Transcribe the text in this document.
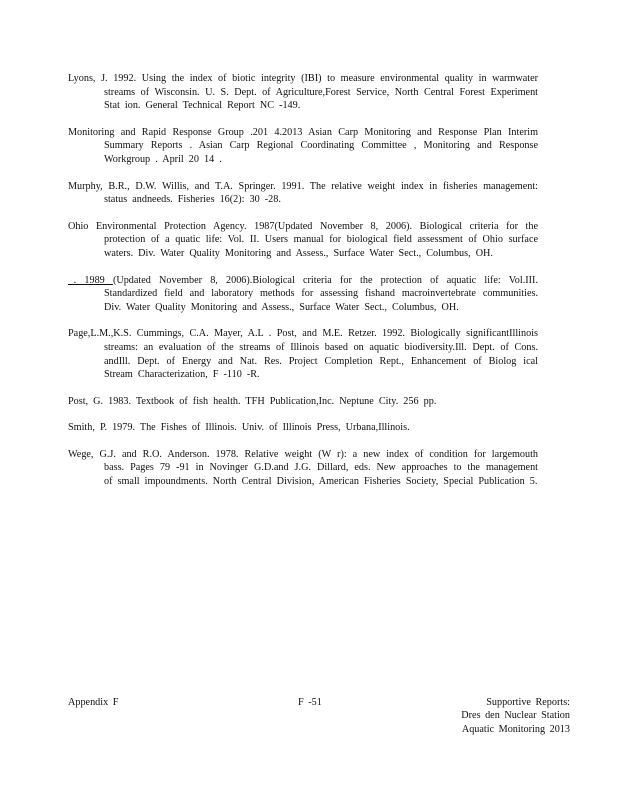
Lyons, J. 1992. Using the index of biotic integrity (IBI) to measure environmental quality in warmwater streams of Wisconsin. U. S. Dept. of Agriculture,Forest Service, North Central Forest Experiment Stat ion. General Technical Report NC -149.

Monitoring and Rapid Response Group .201 4.2013 Asian Carp Monitoring and Response Plan Interim Summary Reports . Asian Carp Regional Coordinating Committee , Monitoring and Response Workgroup . April 20 14 .

Murphy, B.R., D.W. Willis, and T.A. Springer. 1991. The relative weight index in fisheries management: status andneeds. Fisheries 16(2): 30 -28.

Ohio Environmental Protection Agency. 1987(Updated November 8, 2006). Biological criteria for the protection of a quatic life: Vol. II. Users manual for biological field assessment of Ohio surface waters. Div. Water Quality Monitoring and Assess., Surface Water Sect., Columbus, OH.

. 1989 (Updated November 8, 2006).Biological criteria for the protection of aquatic life: Vol.III. Standardized field and laboratory methods for assessing fishand macroinvertebrate communities. Div. Water Quality Monitoring and Assess., Surface Water Sect., Columbus, OH.

Page,L.M.,K.S. Cummings, C.A. Mayer, A.L . Post, and M.E. Retzer. 1992. Biologically significantIllinois streams: an evaluation of the streams of Illinois based on aquatic biodiversity.Ill. Dept. of Cons. andIll. Dept. of Energy and Nat. Res. Project Completion Rept., Enhancement of Biolog ical Stream Characterization, F -110 -R.

Post, G. 1983. Textbook of fish health. TFH Publication,Inc. Neptune City. 256 pp.

Smith, P. 1979. The Fishes of Illinois. Univ. of Illinois Press, Urbana,Illinois.

Wege, G.J. and R.O. Anderson. 1978. Relative weight (W r): a new index of condition for largemouth bass. Pages 79 -91 in Novinger G.D.and J.G. Dillard, eds. New approaches to the management of small impoundments. North Central Division, American Fisheries Society, Special Publication 5.

Appendix F	F -51	Supportive Reports:
Dres den Nuclear Station
Aquatic Monitoring 2013
